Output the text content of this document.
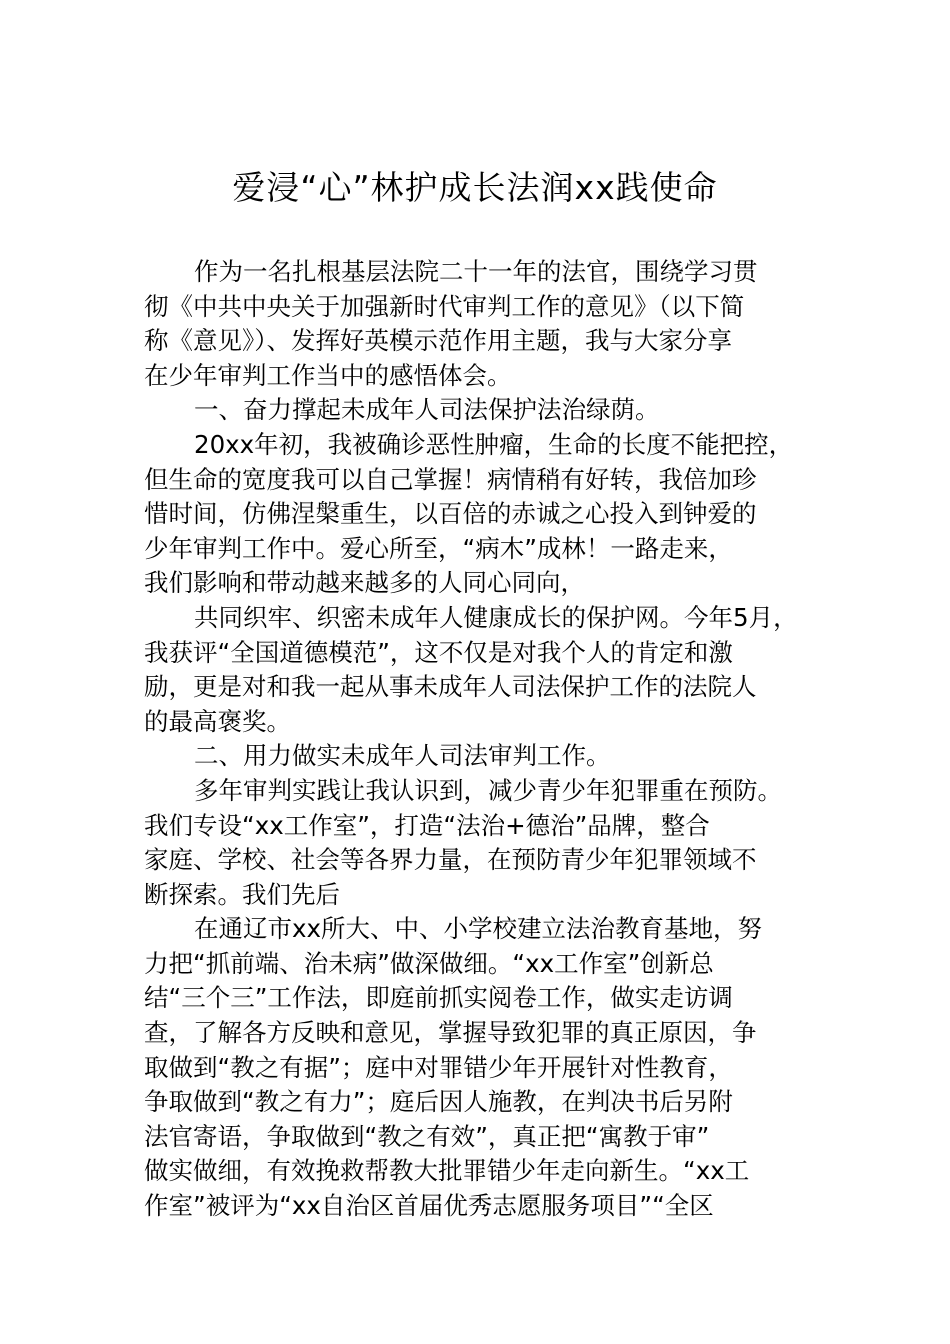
爱浸“心”林护成长法润xx践使命
作为一名扎根基层法院二十一年的法官，围绕学习贯
彻《中共中央关于加强新时代审判工作的意见》（以下简
称《意见》）、发挥好英模示范作用主题，我与大家分享
在少年审判工作当中的感悟体会。
一、奋力撑起未成年人司法保护法治绿荫。
20xx年初，我被确诊恶性肿瘤，生命的长度不能把控，
但生命的宽度我可以自己掌握！病情稍有好转，我倍加珍
惜时间，仿佛涅槃重生，以百倍的赤诚之心投入到钟爱的
少年审判工作中。爱心所至，“病木”成林！一路走来，
我们影响和带动越来越多的人同心同向，
共同织牢、织密未成年人健康成长的保护网。今年5月，
我获评“全国道德模范”，这不仅是对我个人的肯定和激
励，更是对和我一起从事未成年人司法保护工作的法院人
的最高褒奖。
二、用力做实未成年人司法审判工作。
多年审判实践让我认识到，减少青少年犯罪重在预防。
我们专设“xx工作室”，打造“法治+德治”品牌，整合
家庭、学校、社会等各界力量，在预防青少年犯罪领域不
断探索。我们先后
在通辽市xx所大、中、小学校建立法治教育基地，努
力把“抓前端、治未病”做深做细。“xx工作室”创新总
结“三个三”工作法，即庭前抓实阅卷工作，做实走访调
查，了解各方反映和意见，掌握导致犯罪的真正原因，争
取做到“教之有据”；庭中对罪错少年开展针对性教育，
争取做到“教之有力”；庭后因人施教，在判决书后另附
法官寄语，争取做到“教之有效”，真正把“寓教于审”
做实做细，有效挽救帮教大批罪错少年走向新生。“xx工
作室”被评为“xx自治区首届优秀志愿服务项目”“全区
